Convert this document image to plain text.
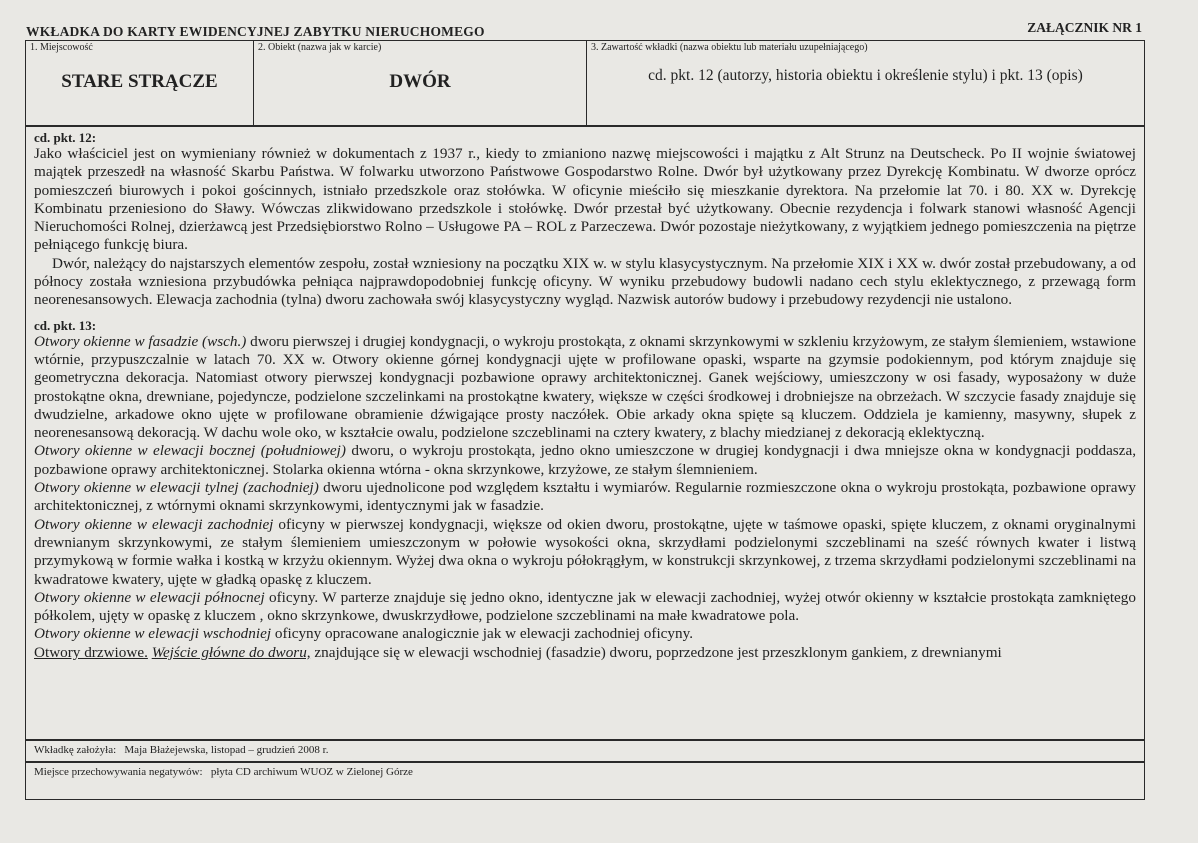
WKŁADKA DO KARTY EWIDENCYJNEJ ZABYTKU NIERUCHOMEGO	ZAŁĄCZNIK NR 1
1. Miejscowość
STARE STRĄCZE
2. Obiekt (nazwa jak w karcie)
DWÓR
3. Zawartość wkładki (nazwa obiektu lub materiału uzupełniającego)
cd. pkt. 12 (autorzy, historia obiektu i określenie stylu) i pkt. 13 (opis)

cd. pkt. 12:

Jako właściciel jest on wymieniany również w dokumentach z 1937 r., kiedy to zmianiono nazwę miejscowości i majątku z Alt Strunz na Deutscheck. Po II wojnie światowej majątek przeszedł na własność Skarbu Państwa. W folwarku utworzono Państwowe Gospodarstwo Rolne. Dwór był użytkowany przez Dyrekcję Kombinatu. W dworze oprócz pomieszczeń biurowych i pokoi gościnnych, istniało przedszkole oraz stołówka. W oficynie mieściło się mieszkanie dyrektora. Na przełomie lat 70. i 80. XX w. Dyrekcję Kombinatu przeniesiono do Sławy. Wówczas zlikwidowano przedszkole i stołówkę. Dwór przestał być użytkowany. Obecnie rezydencja i folwark stanowi własność Agencji Nieruchomości Rolnej, dzierżawcą jest Przedsiębiorstwo Rolno – Usługowe PA – ROL z Parzeczewa. Dwór pozostaje nieżytkowany, z wyjątkiem jednego pomieszczenia na piętrze pełniącego funkcję biura.

Dwór, należący do najstarszych elementów zespołu, został wzniesiony na początku XIX w. w stylu klasycystycznym. Na przełomie XIX i XX w. dwór został przebudowany, a od północy została wzniesiona przybudówka pełniąca najprawdopodobniej funkcję oficyny. W wyniku przebudowy budowli nadano cech stylu eklektycznego, z przewagą form neorenesansowych. Elewacja zachodnia (tylna) dworu zachowała swój klasycystyczny wygląd. Nazwisk autorów budowy i przebudowy rezydencji nie ustalono.

cd. pkt. 13:

Otwory okienne w fasadzie (wsch.) dworu pierwszej i drugiej kondygnacji, o wykroju prostokąta, z oknami skrzynkowymi w szkleniu krzyżowym, ze stałym ślemieniem, wstawione wtórnie, przypuszczalnie w latach 70. XX w. Otwory okienne górnej kondygnacji ujęte w profilowane opaski, wsparte na gzymsie podokiennym, pod którym znajduje się geometryczna dekoracja. Natomiast otwory pierwszej kondygnacji pozbawione oprawy architektonicznej. Ganek wejściowy, umieszczony w osi fasady, wyposażony w duże prostokątne okna, drewniane, pojedyncze, podzielone szczelinkami na prostokątne kwatery, większe w części środkowej i drobniejsze na obrzeżach. W szczycie fasady znajduje się dwudzielne, arkadowe okno ujęte w profilowane obramienie dźwigające prosty naczółek. Obie arkady okna spięte są kluczem. Oddziela je kamienny, masywny, słupek z neorenesansową dekoracją. W dachu wole oko, w kształcie owalu, podzielone szczeblinami na cztery kwatery, z blachy miedzianej z dekoracją eklektyczną.

Otwory okienne w elewacji bocznej (południowej) dworu, o wykroju prostokąta, jedno okno umieszczone w drugiej kondygnacji i dwa mniejsze okna w kondygnacji poddasza, pozbawione oprawy architektonicznej. Stolarka okienna wtórna - okna skrzynkowe, krzyżowe, ze stałym ślemnieniem.

Otwory okienne w elewacji tylnej (zachodniej) dworu ujednolicone pod względem kształtu i wymiarów. Regularnie rozmieszczone okna o wykroju prostokąta, pozbawione oprawy architektonicznej, z wtórnymi oknami skrzynkowymi, identycznymi jak w fasadzie.

Otwory okienne w elewacji zachodniej oficyny w pierwszej kondygnacji, większe od okien dworu, prostokątne, ujęte w taśmowe opaski, spięte kluczem, z oknami oryginalnymi drewnianym skrzynkowymi, ze stałym ślemieniem umieszczonym w połowie wysokości okna, skrzydłami podzielonymi szczeblinami na sześć równych kwater i listwą przymykową w formie wałka i kostką w krzyżu okiennym. Wyżej dwa okna o wykroju półokrągłym, w konstrukcji skrzynkowej, z trzema skrzydłami podzielonymi szczeblinami na kwadratowe kwatery, ujęte w gładką opaskę z kluczem.

Otwory okienne w elewacji północnej oficyny. W parterze znajduje się jedno okno, identyczne jak w elewacji zachodniej, wyżej otwór okienny w kształcie prostokąta zamkniętego półkolem, ujęty w opaskę z kluczem , okno skrzynkowe, dwuskrzydłowe, podzielone szczeblinami na małe kwadratowe pola.

Otwory okienne w elewacji wschodniej oficyny opracowane analogicznie jak w elewacji zachodniej oficyny.

Otwory drzwiowe. Wejście główne do dworu, znajdujące się w elewacji wschodniej (fasadzie) dworu, poprzedzone jest przeszklonym gankiem, z drewnianymi

Wkładkę założyła:   Maja Błażejewska, listopad – grudzień 2008 r.
Miejsce przechowywania negatywów:   płyta CD archiwum WUOZ w Zielonej Górze
